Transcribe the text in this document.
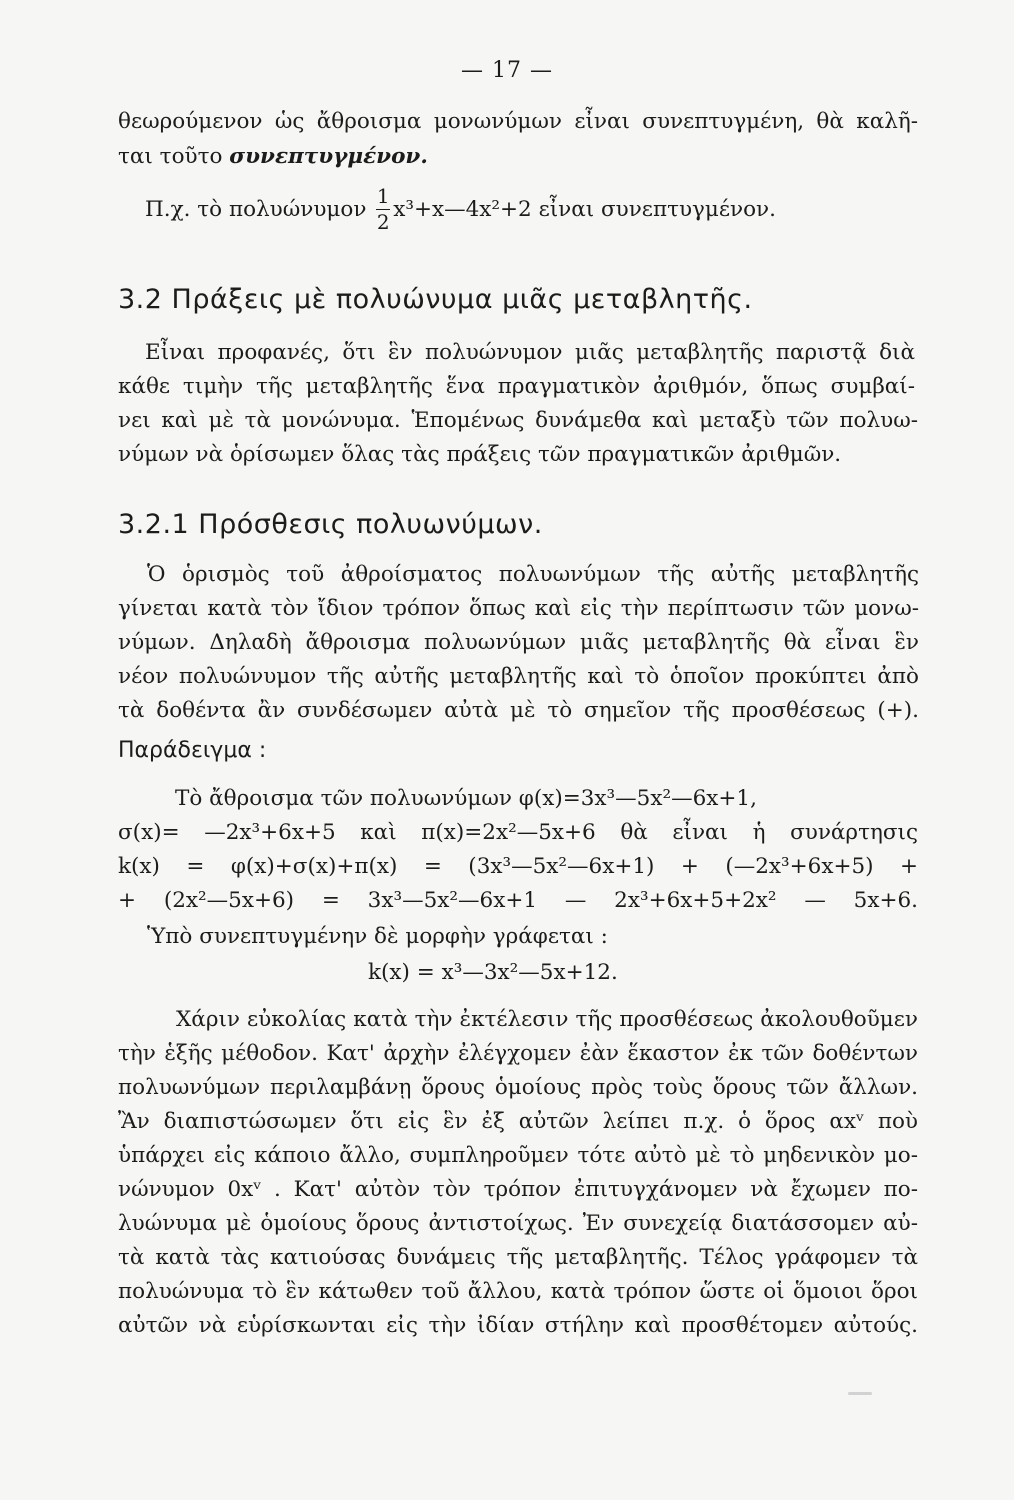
— 17 —
θεωρούμενον ὡς ἄθροισμα μονωνύμων εἶναι συνεπτυγμένη, θὰ καλῆ-
ται τοῦτο συνεπτυγμένον.
Π.χ. τὸ πολυώνυμον $\frac{1}{2}$ x³+x—4x²+2 εἶναι συνεπτυγμένον.
3.2 Πράξεις μὲ πολυώνυμα μιᾶς μεταβλητῆς.
Εἶναι προφανές, ὅτι ἓν πολυώνυμον μιᾶς μεταβλητῆς παριστᾷ διὰ
κάθε τιμὴν τῆς μεταβλητῆς ἕνα πραγματικὸν ἀριθμόν, ὅπως συμβαί-
νει καὶ μὲ τὰ μονώνυμα. Ἑπομένως δυνάμεθα καὶ μεταξὺ τῶν πολυω-
νύμων νὰ ὁρίσωμεν ὅλας τὰς πράξεις τῶν πραγματικῶν ἀριθμῶν.
3.2.1 Πρόσθεσις πολυωνύμων.
Ὁ ὁρισμὸς τοῦ ἀθροίσματος πολυωνύμων τῆς αὐτῆς μεταβλητῆς
γίνεται κατὰ τὸν ἴδιον τρόπον ὅπως καὶ εἰς τὴν περίπτωσιν τῶν μονω-
νύμων. Δηλαδὴ ἄθροισμα πολυωνύμων μιᾶς μεταβλητῆς θὰ εἶναι ἓν
νέον πολυώνυμον τῆς αὐτῆς μεταβλητῆς καὶ τὸ ὁποῖον προκύπτει ἀπὸ
τὰ δοθέντα ἂν συνδέσωμεν αὐτὰ μὲ τὸ σημεῖον τῆς προσθέσεως (+).
Παράδειγμα :
Τὸ ἄθροισμα τῶν πολυωνύμων φ(x)=3x³—5x²—6x+1,
σ(x)= —2x³+6x+5 καὶ π(x)=2x²—5x+6 θὰ εἶναι ἡ συνάρτησις
k(x) = φ(x)+σ(x)+π(x) = (3x³—5x²—6x+1) + (—2x³+6x+5) +
+ (2x²—5x+6) = 3x³—5x²—6x+1 — 2x³+6x+5+2x² — 5x+6.
Ὑπὸ συνεπτυγμένην δὲ μορφὴν γράφεται :
k(x) = x³—3x²—5x+12.
Χάριν εὐκολίας κατὰ τὴν ἐκτέλεσιν τῆς προσθέσεως ἀκολουθοῦμεν
τὴν ἑξῆς μέθοδον. Κατ' ἀρχὴν ἐλέγχομεν ἐὰν ἕκαστον ἐκ τῶν δοθέντων
πολυωνύμων περιλαμβάνῃ ὅρους ὁμοίους πρὸς τοὺς ὅρους τῶν ἄλλων.
Ἂν διαπιστώσωμεν ὅτι εἰς ἓν ἐξ αὐτῶν λείπει π.χ. ὁ ὅρος αxᵛ ποὺ
ὑπάρχει εἰς κάποιο ἄλλο, συμπληροῦμεν τότε αὐτὸ μὲ τὸ μηδενικὸν μο-
νώνυμον 0xᵛ . Κατ' αὐτὸν τὸν τρόπον ἐπιτυγχάνομεν νὰ ἔχωμεν πο-
λυώνυμα μὲ ὁμοίους ὅρους ἀντιστοίχως. Ἐν συνεχείᾳ διατάσσομεν αὐ-
τὰ κατὰ τὰς κατιούσας δυνάμεις τῆς μεταβλητῆς. Τέλος γράφομεν τὰ
πολυώνυμα τὸ ἓν κάτωθεν τοῦ ἄλλου, κατὰ τρόπον ὥστε οἱ ὅμοιοι ὅροι
αὐτῶν νὰ εὑρίσκωνται εἰς τὴν ἰδίαν στήλην καὶ προσθέτομεν αὐτούς.
